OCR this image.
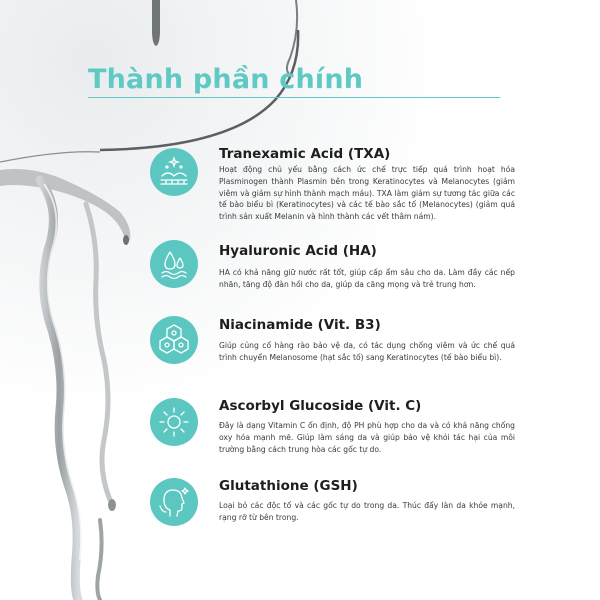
Thành phần chính
Tranexamic Acid (TXA)

Hoạt động chủ yếu bằng cách ức chế trực tiếp quá trình hoạt hóa Plasminogen thành Plasmin bên trong Keratinocytes và Melanocytes (giảm viêm và giảm sự hình thành mạch máu). TXA làm giảm sự tương tác giữa các tế bào biểu bì (Keratinocytes) và các tế bào sắc tố (Melanocytes) (giảm quá trình sản xuất Melanin và hình thành các vết thâm nám).

Hyaluronic Acid (HA)

HA có khả năng giữ nước rất tốt, giúp cấp ẩm sâu cho da. Làm đầy các nếp nhăn, tăng độ đàn hồi cho da, giúp da căng mọng và trẻ trung hơn.

Niacinamide (Vit. B3)

Giúp củng cố hàng rào bảo vệ da, có tác dụng chống viêm và ức chế quá trình chuyển Melanosome (hạt sắc tố) sang Keratinocytes (tế bào biểu bì).

Ascorbyl Glucoside (Vit. C)

Đây là dạng Vitamin C ổn định, độ PH phù hợp cho da và có khả năng chống oxy hóa mạnh mẽ. Giúp làm sáng da và giúp bảo vệ khỏi tác hại của môi trường bằng cách trung hòa các gốc tự do.

Glutathione (GSH)

Loại bỏ các độc tố và các gốc tự do trong da. Thúc đẩy làn da khỏe mạnh, rạng rỡ từ bên trong.
